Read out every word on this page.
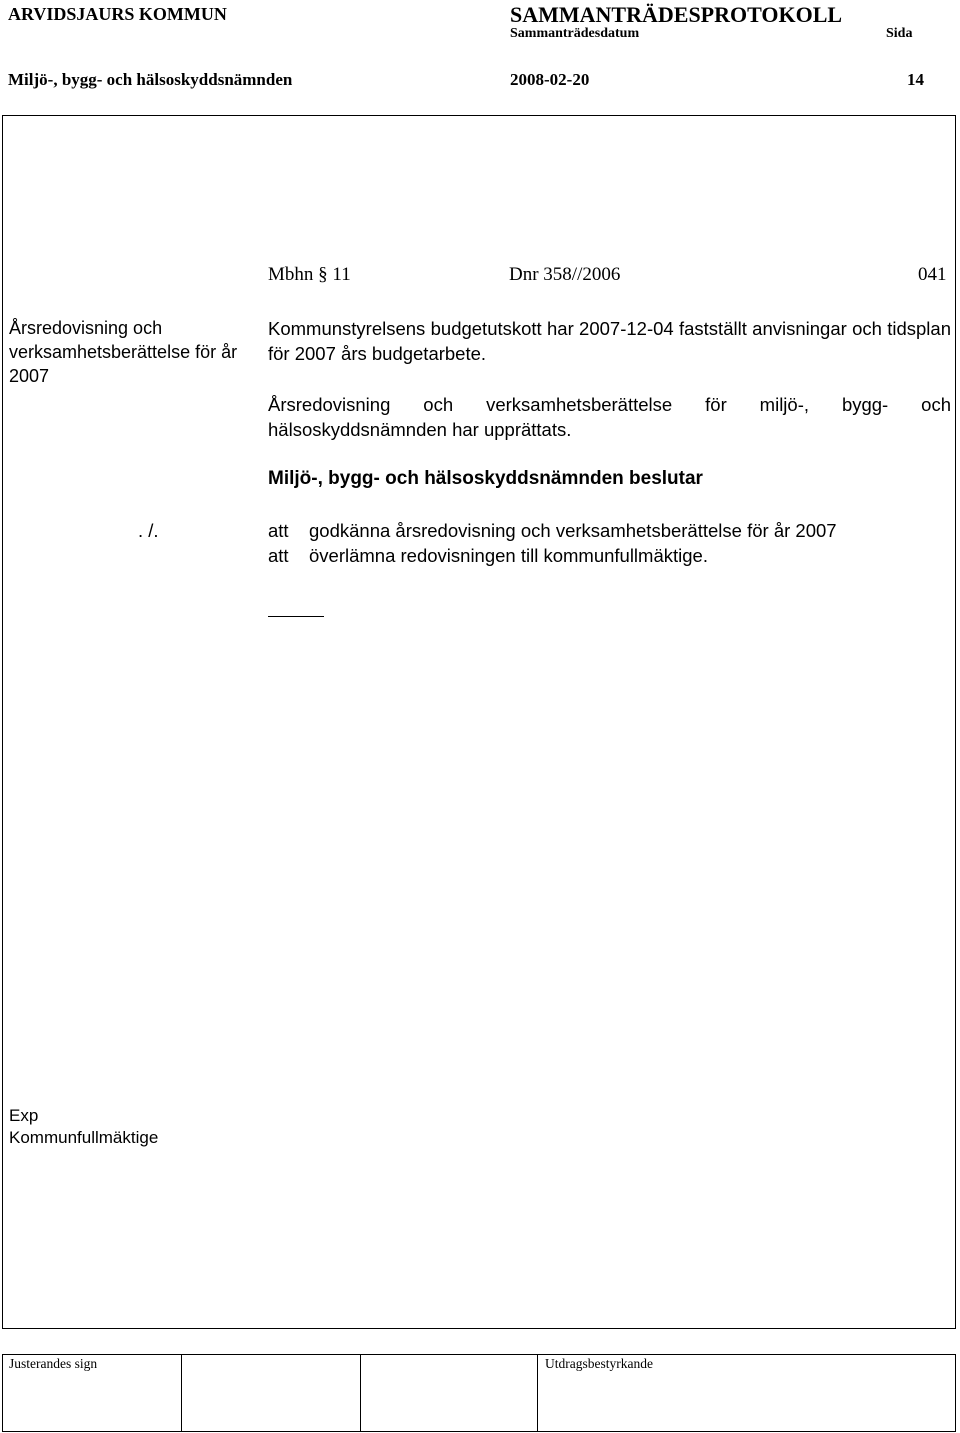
ARVIDSJAURS KOMMUN	SAMMANTRÄDESPROTOKOLL
Sammanträdesdatum	Sida
Miljö-, bygg- och hälsoskyddsnämnden	2008-02-20	14
Mbhn § 11	Dnr 358//2006	041
Årsredovisning och verksamhetsberättelse för år 2007
Kommunstyrelsens budgetutskott har 2007-12-04 fastställt anvisningar och tidsplan för 2007 års budgetarbete.
Årsredovisning och verksamhetsberättelse för miljö-, bygg- och
hälsoskyddsnämnden har upprättats.
Miljö-, bygg- och hälsoskyddsnämnden beslutar
. /.	att godkänna årsredovisning och verksamhetsberättelse för år 2007
att överlämna redovisningen till kommunfullmäktige.
Exp
Kommunfullmäktige
Justerandes sign	Utdragsbestyrkande
